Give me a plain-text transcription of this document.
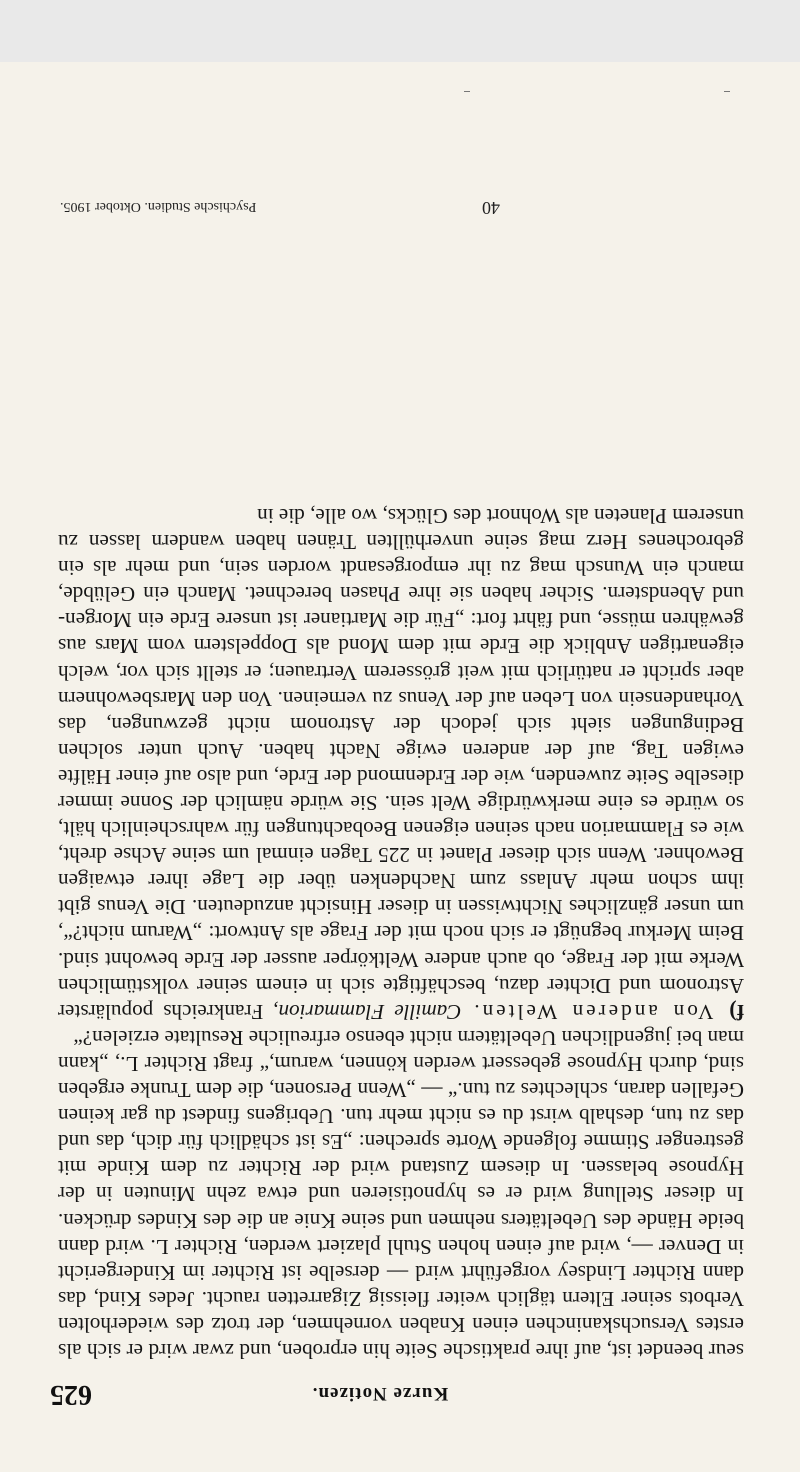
Kurze Notizen.
625

seur beendet ist, auf ihre praktische Seite hin erproben, und zwar wird er sich als erstes Versuchskaninchen einen Knaben vornehmen, der trotz des wiederholten Verbots seiner Eltern täglich weiter fleissig Zigarretten raucht. Jedes Kind, das dann Richter Lindsey vorgeführt wird — derselbe ist Richter im Kindergericht in Denver —, wird auf einen hohen Stuhl plaziert werden, Richter L. wird dann beide Hände des Uebeltäters nehmen und seine Knie an die des Kindes drücken. In dieser Stellung wird er es hypnotisieren und etwa zehn Minuten in der Hypnose belassen. In diesem Zustand wird der Richter zu dem Kinde mit gestrenger Stimme folgende Worte sprechen: „Es ist schädlich für dich, das und das zu tun, deshalb wirst du es nicht mehr tun. Uebrigens findest du gar keinen Gefallen daran, schlechtes zu tun.“ — „Wenn Personen, die dem Trunke ergeben sind, durch Hypnose gebessert werden können, warum,“ fragt Richter L., „kann man bei jugendlichen Uebeltätern nicht ebenso erfreuliche Resultate erzielen?“

f) Von anderen Welten. Camille Flammarion, Frankreichs populärster Astronom und Dichter dazu, beschäftigte sich in einem seiner volkstümlichen Werke mit der Frage, ob auch andere Weltkörper ausser der Erde bewohnt sind. Beim Merkur begnügt er sich noch mit der Frage als Antwort: „Warum nicht?“, um unser gänzliches Nichtwissen in dieser Hinsicht anzudeuten. Die Venus gibt ihm schon mehr Anlass zum Nachdenken über die Lage ihrer etwaigen Bewohner. Wenn sich dieser Planet in 225 Tagen einmal um seine Achse dreht, wie es Flammarion nach seinen eigenen Beobachtungen für wahrscheinlich hält, so würde es eine merkwürdige Welt sein. Sie würde nämlich der Sonne immer dieselbe Seite zuwenden, wie der Erdenmond der Erde, und also auf einer Hälfte ewigen Tag, auf der anderen ewige Nacht haben. Auch unter solchen Bedingungen sieht sich jedoch der Astronom nicht gezwungen, das Vorhandensein von Leben auf der Venus zu verneinen. Von den Marsbewohnern aber spricht er natürlich mit weit grösserem Vertrauen; er stellt sich vor, welch eigenartigen Anblick die Erde mit dem Mond als Doppelstern vom Mars aus gewähren müsse, und fährt fort: „Für die Martianer ist unsere Erde ein Morgen- und Abendstern. Sicher haben sie ihre Phasen berechnet. Manch ein Gelübde, manch ein Wunsch mag zu ihr emporgesandt worden sein, und mehr als ein gebrochenes Herz mag seine unverhüllten Tränen haben wandern lassen zu unserem Planeten als Wohnort des Glücks, wo alle, die in

40
Psychische Studien. Oktober 1905.
